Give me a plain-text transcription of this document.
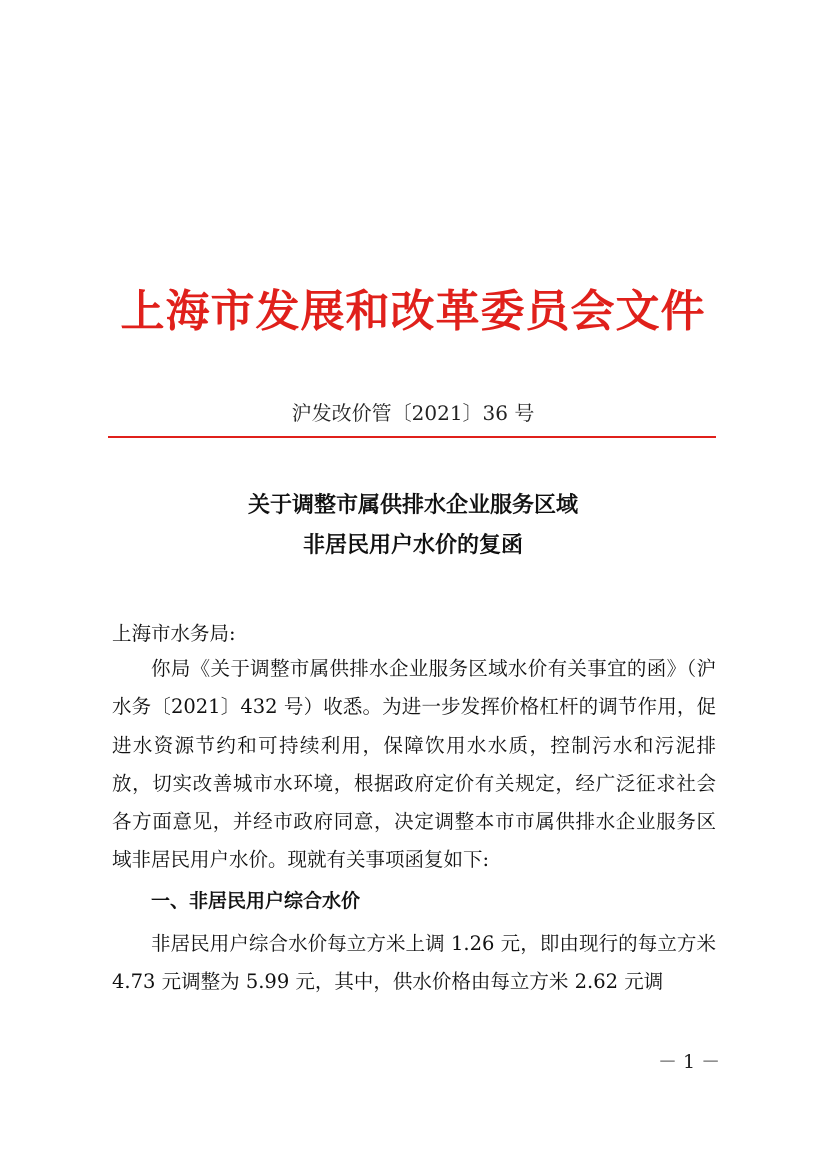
上海市发展和改革委员会文件
沪发改价管〔2021〕36 号
关于调整市属供排水企业服务区域
非居民用户水价的复函
上海市水务局:
你局《关于调整市属供排水企业服务区域水价有关事宜的函》（沪水务〔2021〕432 号）收悉。为进一步发挥价格杠杆的调节作用，促进水资源节约和可持续利用，保障饮用水水质，控制污水和污泥排放，切实改善城市水环境，根据政府定价有关规定，经广泛征求社会各方面意见，并经市政府同意，决定调整本市市属供排水企业服务区域非居民用户水价。现就有关事项函复如下:
一、非居民用户综合水价
非居民用户综合水价每立方米上调 1.26 元，即由现行的每立方米 4.73 元调整为 5.99 元，其中，供水价格由每立方米 2.62 元调
－ 1 －
